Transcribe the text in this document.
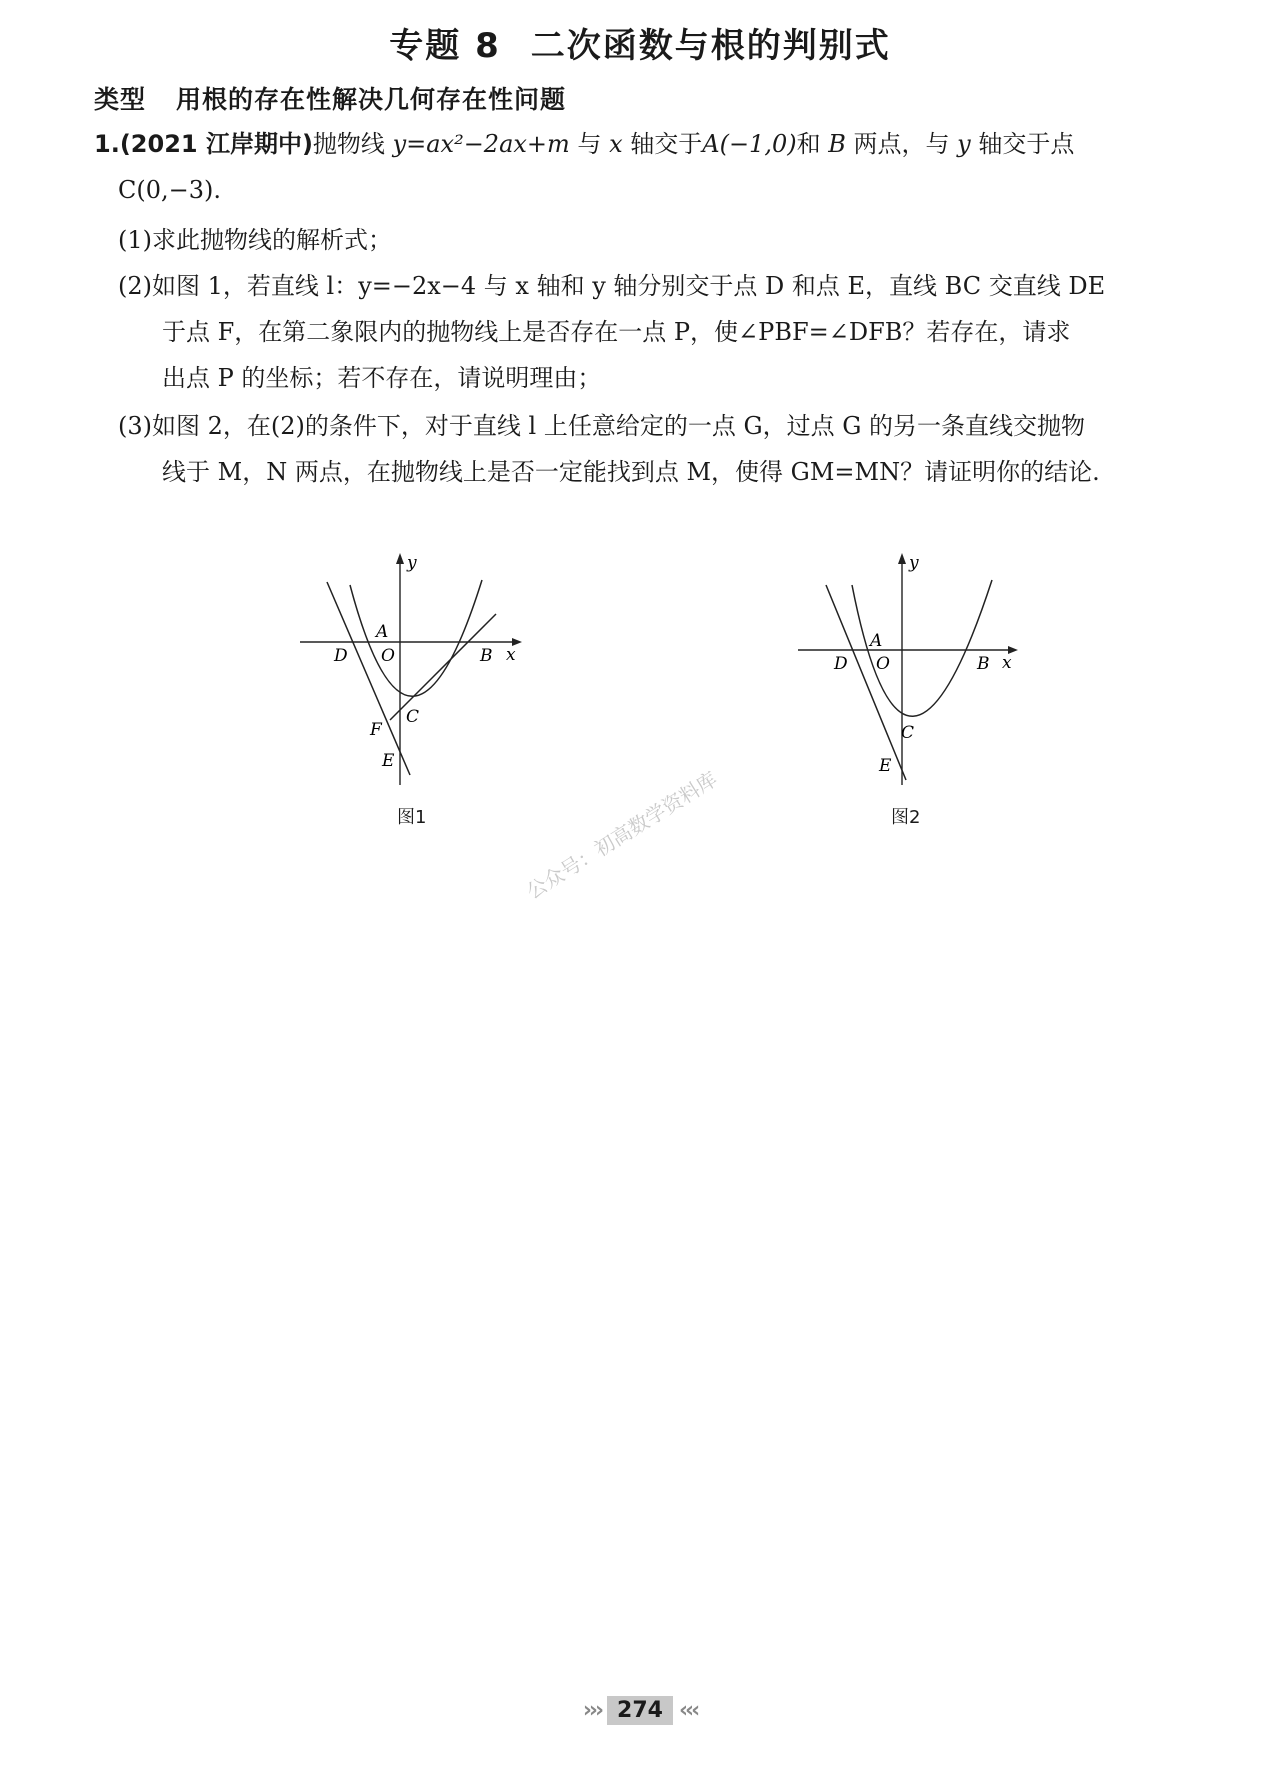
专题 8 二次函数与根的判别式
类型 用根的存在性解决几何存在性问题
1.(2021 江岸期中)抛物线 y=ax²−2ax+m 与 x 轴交于A(−1,0)和 B 两点，与 y 轴交于点
C(0,−3).
(1)求此抛物线的解析式；
(2)如图 1，若直线 l：y=−2x−4 与 x 轴和 y 轴分别交于点 D 和点 E，直线 BC 交直线 DE
于点 F，在第二象限内的抛物线上是否存在一点 P，使∠PBF=∠DFB？若存在，请求
出点 P 的坐标；若不存在，请说明理由；
(3)如图 2，在(2)的条件下，对于直线 l 上任意给定的一点 G，过点 G 的另一条直线交抛物
线于 M，N 两点，在抛物线上是否一定能找到点 M，使得 GM=MN？请证明你的结论.
y
x
A
O
D	B
F
C
E
图1
y
x
A
O
D	B
C
E
图2
公众号：初高数学资料库
››› 274 ‹‹‹
